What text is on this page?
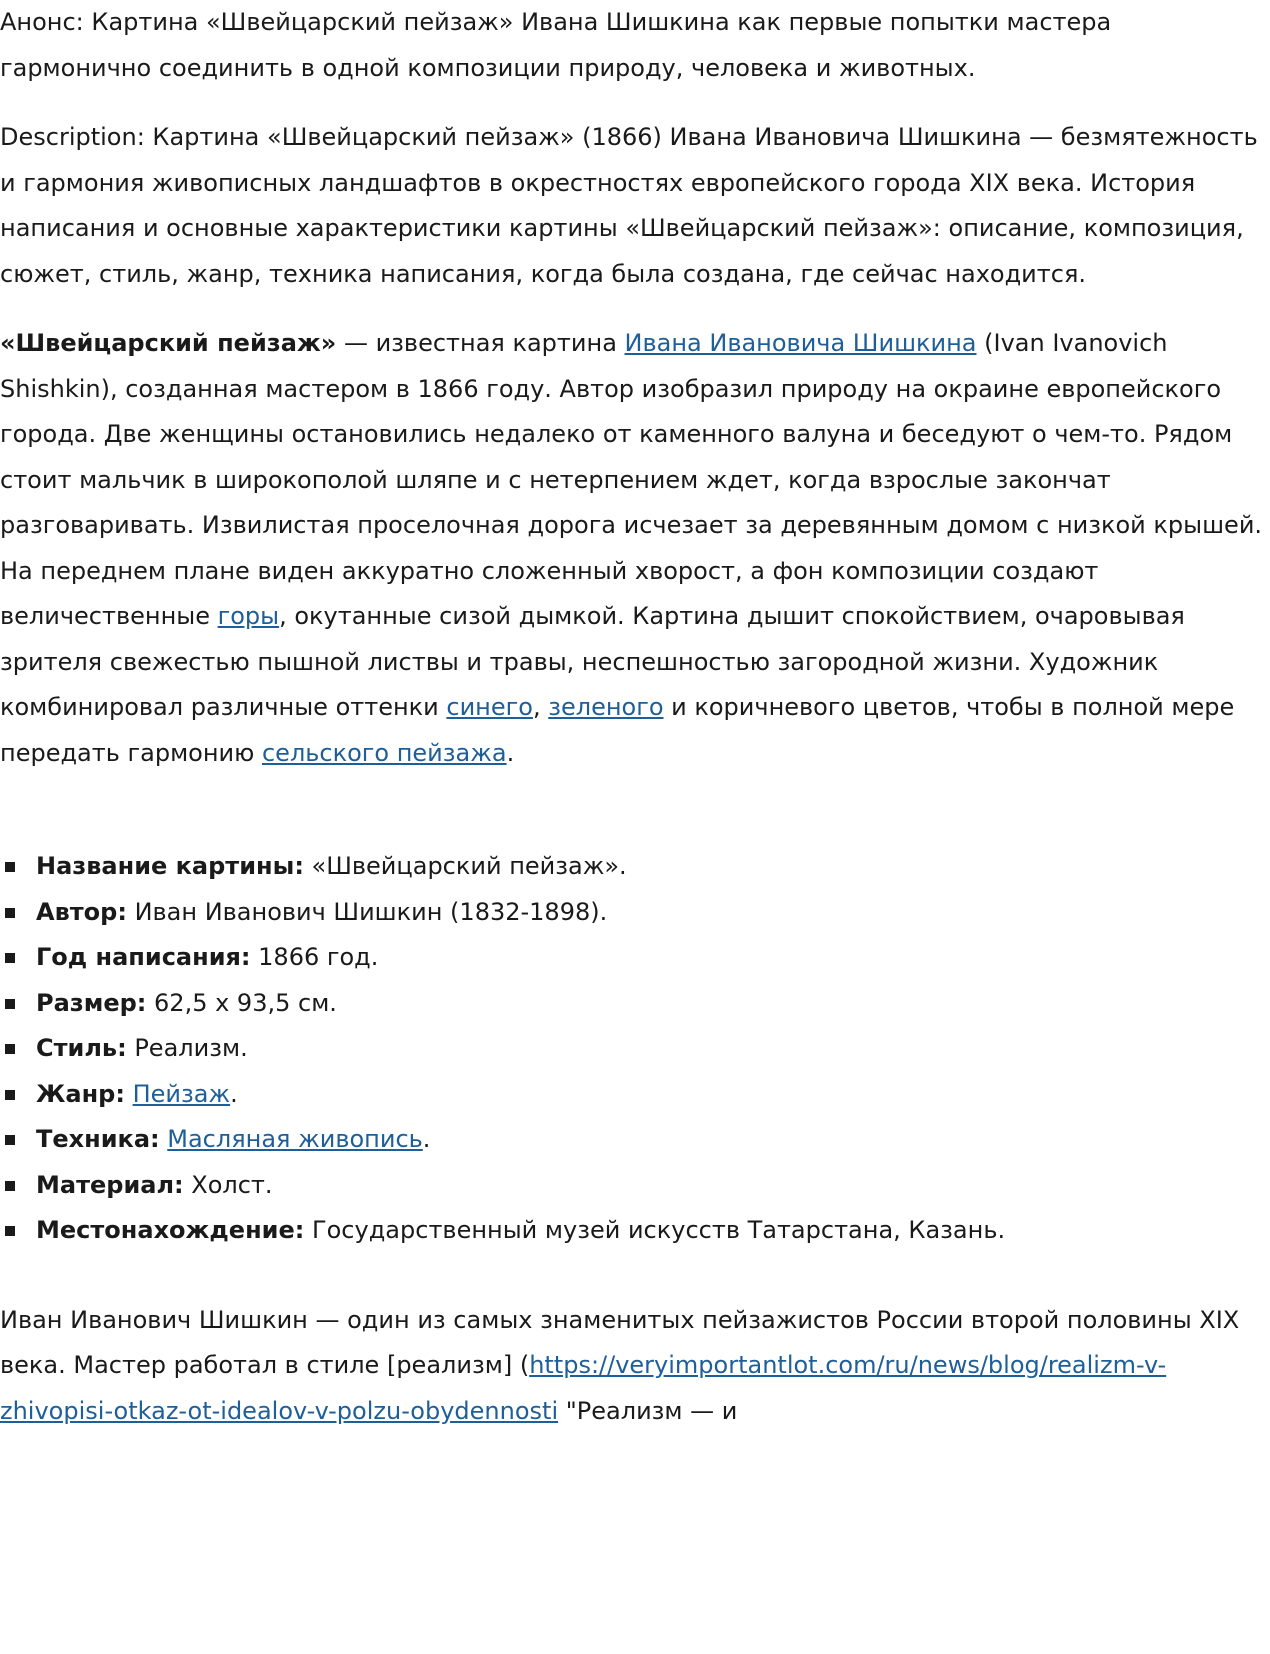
Анонс: Картина «Швейцарский пейзаж» Ивана Шишкина как первые попытки мастера гармонично соединить в одной композиции природу, человека и животных.

Description: Картина «Швейцарский пейзаж» (1866) Ивана Ивановича Шишкина — безмятежность и гармония живописных ландшафтов в окрестностях европейского города XIX века. История написания и основные характеристики картины «Швейцарский пейзаж»: описание, композиция, сюжет, стиль, жанр, техника написания, когда была создана, где сейчас находится.

«Швейцарский пейзаж» — известная картина Ивана Ивановича Шишкина (Ivan Ivanovich Shishkin), созданная мастером в 1866 году. Автор изобразил природу на окраине европейского города. Две женщины остановились недалеко от каменного валуна и беседуют о чем-то. Рядом стоит мальчик в широкополой шляпе и с нетерпением ждет, когда взрослые закончат разговаривать. Извилистая проселочная дорога исчезает за деревянным домом с низкой крышей. На переднем плане виден аккуратно сложенный хворост, а фон композиции создают величественные горы, окутанные сизой дымкой. Картина дышит спокойствием, очаровывая зрителя свежестью пышной листвы и травы, неспешностью загородной жизни. Художник комбинировал различные оттенки синего, зеленого и коричневого цветов, чтобы в полной мере передать гармонию сельского пейзажа.

Название картины: «Швейцарский пейзаж».
Автор: Иван Иванович Шишкин (1832-1898).
Год написания: 1866 год.
Размер: 62,5 х 93,5 см.
Стиль: Реализм.
Жанр: Пейзаж.
Техника: Масляная живопись.
Материал: Холст.
Местонахождение: Государственный музей искусств Татарстана, Казань.

Иван Иванович Шишкин — один из самых знаменитых пейзажистов России второй половины XIX века. Мастер работал в стиле [реализм] (https://veryimportantlot.com/ru/news/blog/realizm-v-zhivopisi-otkaz-ot-idealov-v-polzu-obydennosti "Реализм — и
